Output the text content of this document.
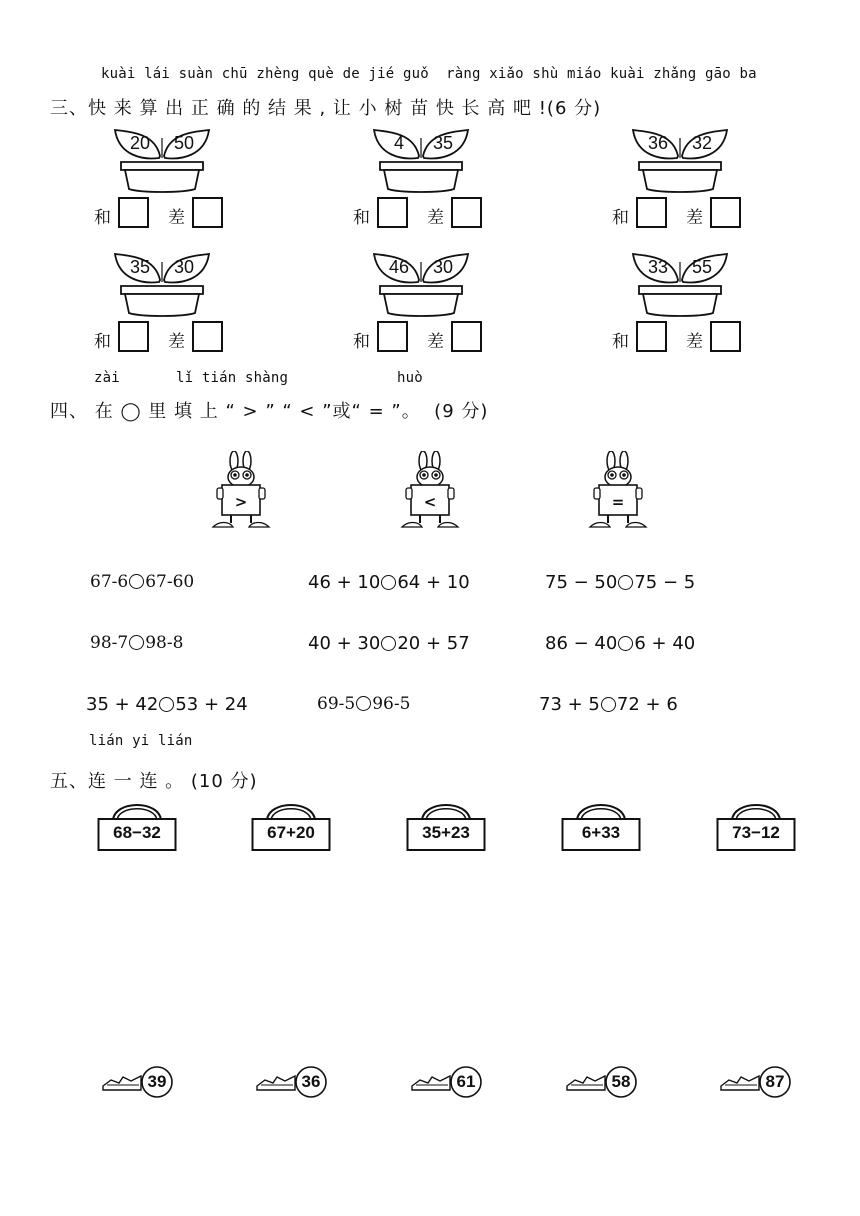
kuài lái suàn chū zhèng què de jié guǒ  ràng xiǎo shù miáo kuài zhǎng gāo ba
三、快 来 算 出 正 确 的 结 果 , 让 小 树 苗 快 长 高 吧 !(6 分)
20	50
和	差
4	35
和	差
36	32
和	差
35	30
和	差
46	30
和	差
33	55
和	差
zài	lǐ tián shàng	huò
四、 在 ◯ 里 填 上 “ > ” “ < ”或“ = ”。  (9 分)
>	<	=
67-6 67-60	46 + 10 64 + 10	75 − 50 75 − 5
98-7 98-8	40 + 30 20 + 57	86 − 40 6 + 40
35 + 42 53 + 24	69-5 96-5	73 + 5 72 + 6
lián yi lián
五、连 一 连 。 (10 分)
68−32	67+20	35+23	6+33	73−12
39	36	61	58	87
